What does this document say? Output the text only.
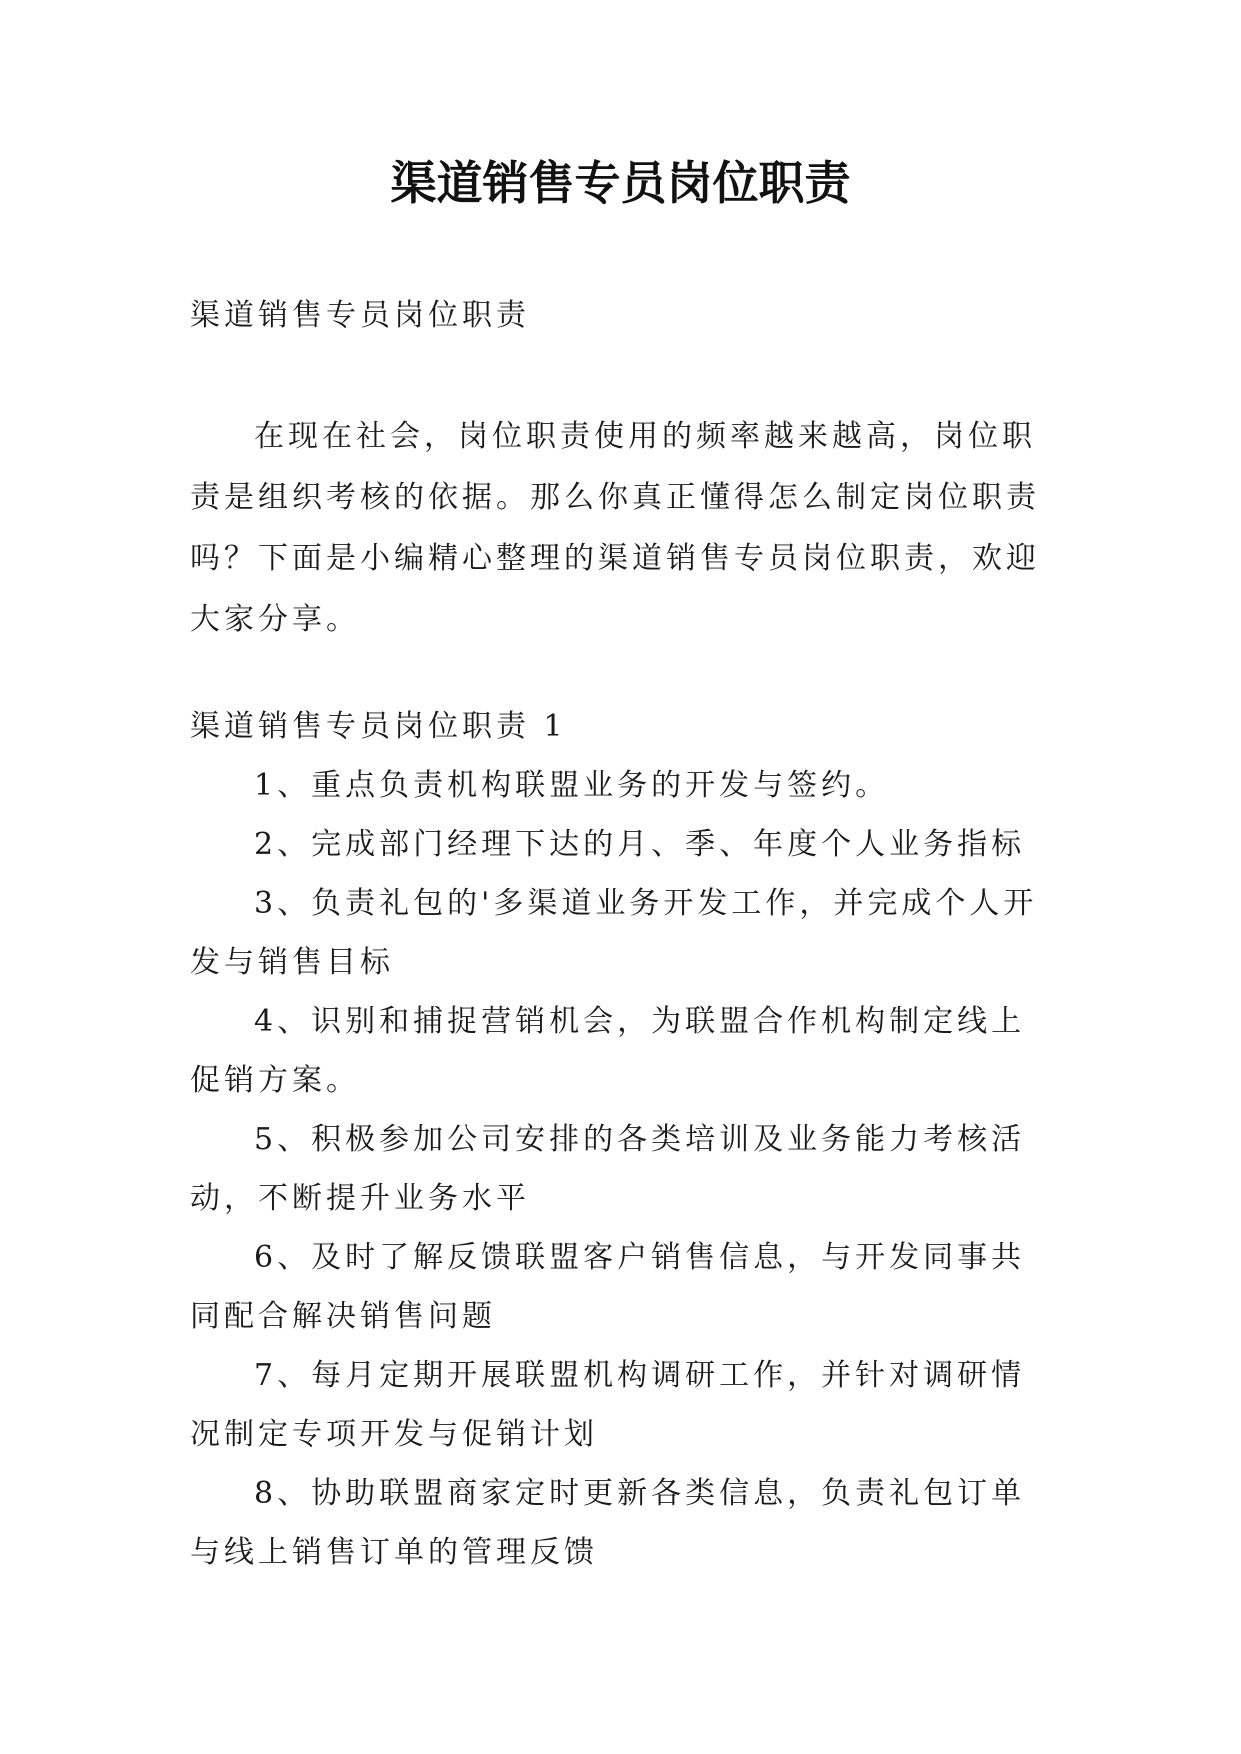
渠道销售专员岗位职责

渠道销售专员岗位职责

在现在社会，岗位职责使用的频率越来越高，岗位职责是组织考核的依据。那么你真正懂得怎么制定岗位职责吗？下面是小编精心整理的渠道销售专员岗位职责，欢迎大家分享。

渠道销售专员岗位职责 1

1、重点负责机构联盟业务的开发与签约。
2、完成部门经理下达的月、季、年度个人业务指标
3、负责礼包的'多渠道业务开发工作，并完成个人开发与销售目标
4、识别和捕捉营销机会，为联盟合作机构制定线上促销方案。
5、积极参加公司安排的各类培训及业务能力考核活动，不断提升业务水平
6、及时了解反馈联盟客户销售信息，与开发同事共同配合解决销售问题
7、每月定期开展联盟机构调研工作，并针对调研情况制定专项开发与促销计划
8、协助联盟商家定时更新各类信息，负责礼包订单与线上销售订单的管理反馈
